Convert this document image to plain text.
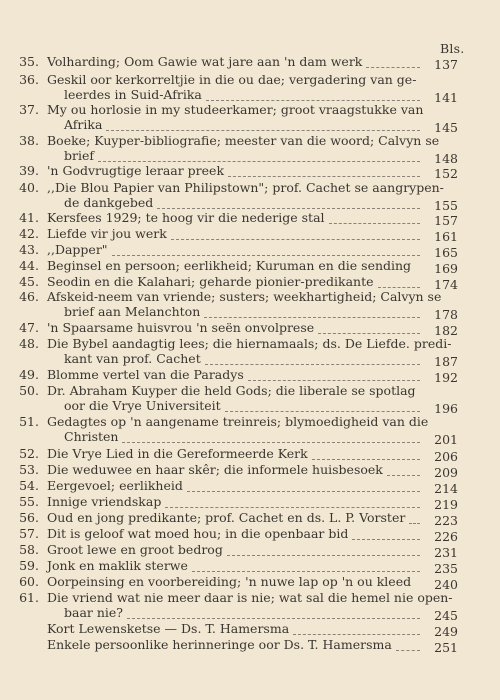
Bls.
35. Volharding; Oom Gawie wat jare aan 'n dam werk	137
36. Geskil oor kerkorreltjie in die ou dae; vergadering van ge-
leerdes in Suid-Afrika	141
37. My ou horlosie in my studeerkamer; groot vraagstukke van
Afrika	145
38. Boeke; Kuyper-bibliografie; meester van die woord; Calvyn se
brief	148
39. 'n Godvrugtige leraar preek	152
40. ,,Die Blou Papier van Philipstown"; prof. Cachet se aangrypen-
de dankgebed	155
41. Kersfees 1929; te hoog vir die nederige stal	157
42. Liefde vir jou werk	161
43. ,,Dapper"	165
44. Beginsel en persoon; eerlikheid; Kuruman en die sending	169
45. Seodin en die Kalahari; geharde pionier-predikante	174
46. Afskeid-neem van vriende; susters; weekhartigheid; Calvyn se
brief aan Melanchton	178
47. 'n Spaarsame huisvrou 'n seën onvolprese	182
48. Die Bybel aandagtig lees; die hiernamaals; ds. De Liefde. predi-
kant van prof. Cachet	187
49. Blomme vertel van die Paradys	192
50. Dr. Abraham Kuyper die held Gods; die liberale se spotlag
oor die Vrye Universiteit	196
51. Gedagtes op 'n aangename treinreis; blymoedigheid van die
Christen	201
52. Die Vrye Lied in die Gereformeerde Kerk	206
53. Die weduwee en haar skêr; die informele huisbesoek	209
54. Eergevoel; eerlikheid	214
55. Innige vriendskap	219
56. Oud en jong predikante; prof. Cachet en ds. L. P. Vorster	223
57. Dit is geloof wat moed hou; in die openbaar bid	226
58. Groot lewe en groot bedrog	231
59. Jonk en maklik sterwe	235
60. Oorpeinsing en voorbereiding; 'n nuwe lap op 'n ou kleed	240
61. Die vriend wat nie meer daar is nie; wat sal die hemel nie open-
baar nie?	245
Kort Lewensketse — Ds. T. Hamersma	249
Enkele persoonlike herinneringe oor Ds. T. Hamersma	251
